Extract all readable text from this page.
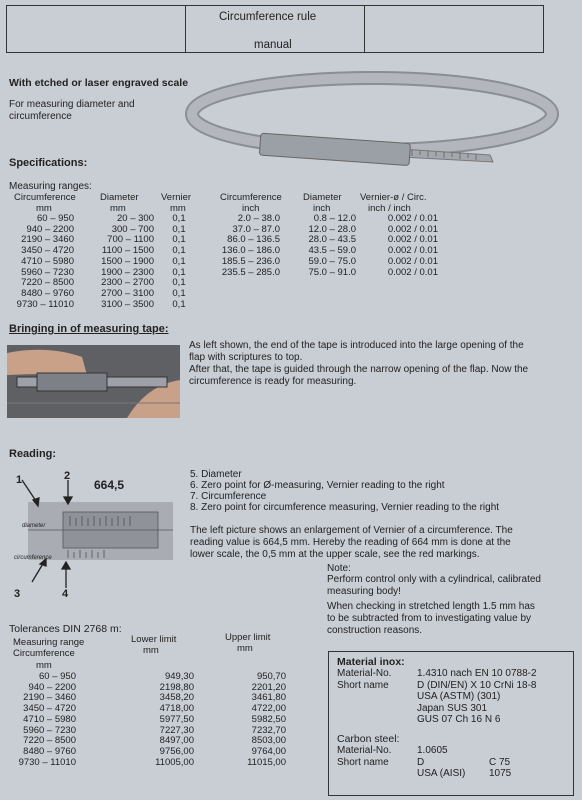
Circumference rule
manual
With etched or laser engraved scale
For measuring diameter and
circumference
Specifications:
Measuring ranges:
Circumference
mm
Diameter
mm
Vernier
mm
60 – 950	20 – 300	0,1
940 – 2200	300 – 700	0,1
2190 – 3460	700 – 1100	0,1
3450 – 4720	1100 – 1500	0,1
4710 – 5980	1500 – 1900	0,1
5960 – 7230	1900 – 2300	0,1
7220 – 8500	2300 – 2700	0,1
8480 – 9760	2700 – 3100	0,1
9730 – 11010	3100 – 3500	0,1
Circumference
inch
Diameter
inch
Vernier-ø / Circ.
inch / inch
2.0 – 38.0	0.8 – 12.0	0.002 / 0.01
37.0 – 87.0	12.0 – 28.0	0.002 / 0.01
86.0 – 136.5	28.0 – 43.5	0.002 / 0.01
136.0 – 186.0	43.5 – 59.0	0.002 / 0.01
185.5 – 236.0	59.0 – 75.0	0.002 / 0.01
235.5 – 285.0	75.0 – 91.0	0.002 / 0.01
Bringing in of measuring tape:
As left shown, the end of the tape is introduced into the large opening of the
flap with scriptures to top.
After that, the tape is guided through the narrow opening of the flap. Now the
circumference is ready for measuring.
Reading:
diameter
circumference
1	2
3	4
664,5
5. Diameter
6. Zero point for Ø-measuring, Vernier reading to the right
7. Circumference
8. Zero point for circumference measuring, Vernier reading to the right
The left picture shows an enlargement of Vernier of a circumference. The
reading value is 664,5 mm. Hereby the reading of 664 mm is done at the
lower scale, the 0,5 mm at the upper scale, see the red markings.
Note:
Perform control only with a cylindrical, calibrated
measuring body!
When checking in stretched length 1.5 mm has
to be subtracted from to investigating value by
construction reasons.
Tolerances DIN 2768 m:
Measuring range
Circumference
mm
Lower limit
mm
Upper limit
mm
60 – 950	949,30	950,70
940 – 2200	2198,80	2201,20
2190 – 3460	3458,20	3461,80
3450 – 4720	4718,00	4722,00
4710 – 5980	5977,50	5982,50
5960 – 7230	7227,30	7232,70
7220 – 8500	8497,00	8503,00
8480 – 9760	9756,00	9764,00
9730 – 11010	11005,00	11015,00
Material inox:
Material-No.	1.4310 nach EN 10 0788-2
Short name	D (DIN/EN) X 10 CrNi 18-8
	USA (ASTM) (301)
	Japan SUS 301
	GUS 07 Ch 16 N 6
Carbon steel:
Material-No.	1.0605	
Short name	D	C 75
	USA (AISI)	1075
